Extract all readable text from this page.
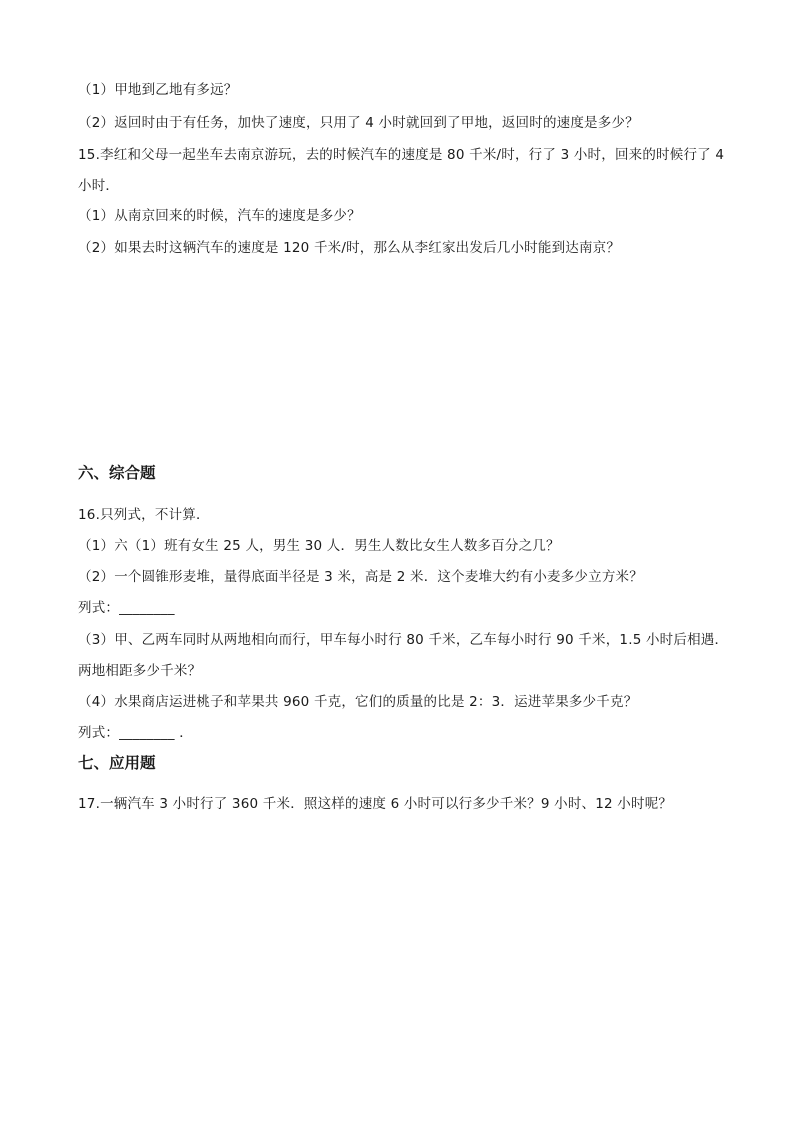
（1）甲地到乙地有多远？
（2）返回时由于有任务，加快了速度，只用了 4 小时就回到了甲地，返回时的速度是多少？
15.李红和父母一起坐车去南京游玩，去的时候汽车的速度是 80 千米/时，行了 3 小时，回来的时候行了 4
小时．
（1）从南京回来的时候，汽车的速度是多少？
（2）如果去时这辆汽车的速度是 120 千米/时，那么从李红家出发后几小时能到达南京？
六、综合题
16.只列式，不计算．
（1）六（1）班有女生 25 人，男生 30 人．男生人数比女生人数多百分之几？
（2）一个圆锥形麦堆，量得底面半径是 3 米，高是 2 米．这个麦堆大约有小麦多少立方米？
列式：________
（3）甲、乙两车同时从两地相向而行，甲车每小时行 80 千米，乙车每小时行 90 千米，1.5 小时后相遇．
两地相距多少千米？
（4）水果商店运进桃子和苹果共 960 千克，它们的质量的比是 2：3．运进苹果多少千克？
列式：________ ．
七、应用题
17.一辆汽车 3 小时行了 360 千米．照这样的速度 6 小时可以行多少千米？9 小时、12 小时呢？
